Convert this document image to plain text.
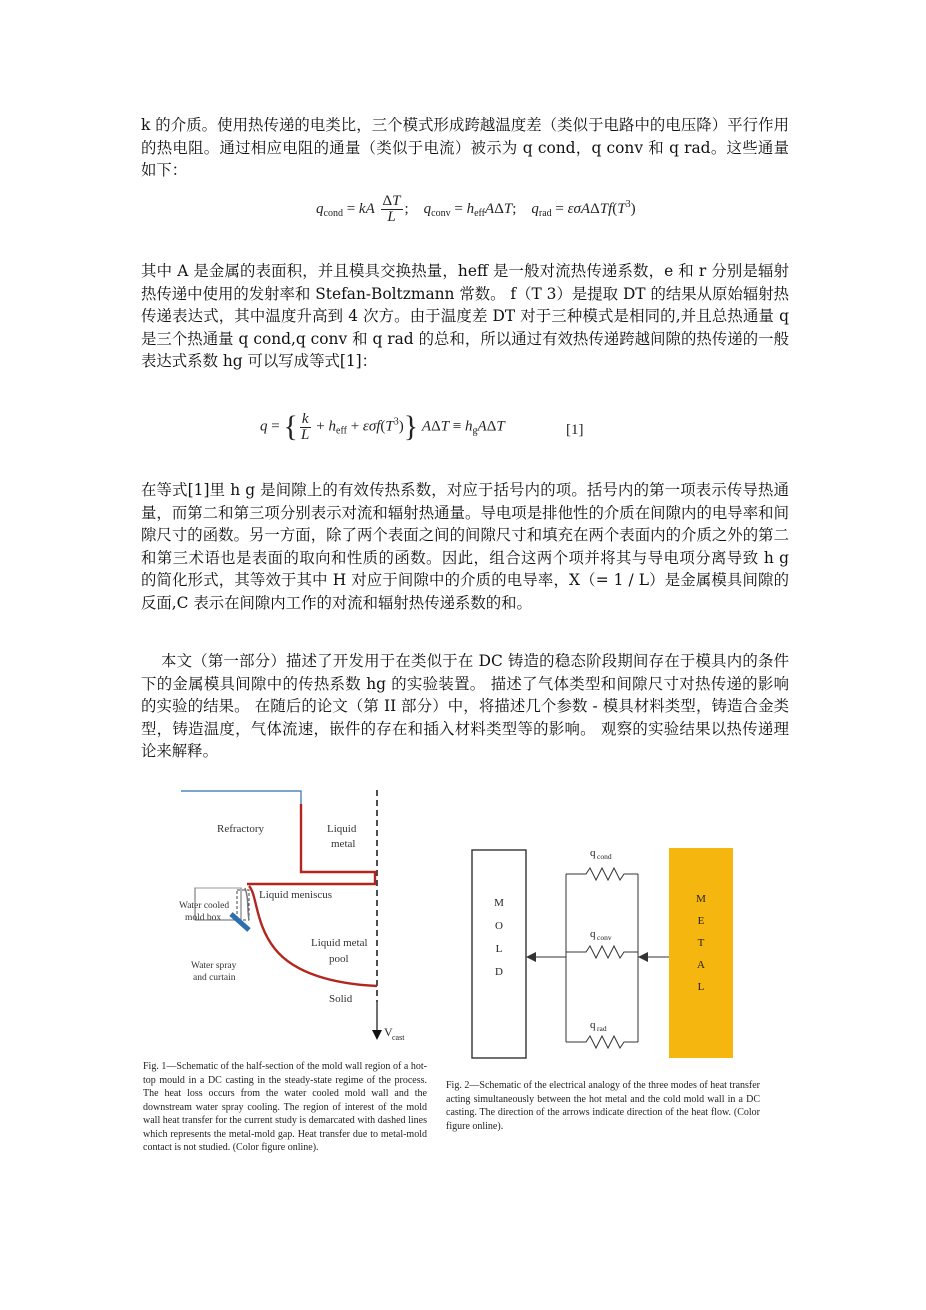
k 的介质。使用热传递的电类比，三个模式形成跨越温度差（类似于电路中的电压降）平行作用的热电阻。通过相应电阻的通量（类似于电流）被示为 q cond，q conv 和 q rad。这些通量如下：

$q_{cond}$ = kA $\frac{\Delta T}{L}$ ;    $q_{conv} = h_{eff}A\Delta T$;    $q_{rad} = \varepsilon\sigma A\Delta Tf(T^3)$

其中 A 是金属的表面积，并且模具交换热量，heff 是一般对流热传递系数，e 和 r 分别是辐射热传递中使用的发射率和 Stefan-Boltzmann 常数。 f（T 3）是提取 DT 的结果从原始辐射热传递表达式，其中温度升高到 4 次方。由于温度差 DT 对于三种模式是相同的,并且总热通量 q 是三个热通量 q cond,q conv 和 q rad 的总和，所以通过有效热传递跨越间隙的热传递的一般表达式系数 hg 可以写成等式[1]：

q = { $\frac{k}{L} + h_{eff} + \varepsilon\sigma f(T^3)$} $A\Delta T \equiv h_gA\Delta T$	[1]

在等式[1]里 h g 是间隙上的有效传热系数，对应于括号内的项。括号内的第一项表示传导热通量，而第二和第三项分别表示对流和辐射热通量。导电项是排他性的介质在间隙内的电导率和间隙尺寸的函数。另一方面，除了两个表面之间的间隙尺寸和填充在两个表面内的介质之外的第二和第三术语也是表面的取向和性质的函数。因此，组合这两个项并将其与导电项分离导致 h g 的简化形式，其等效于其中 H 对应于间隙中的介质的电导率，X（= 1 / L）是金属模具间隙的反面,C 表示在间隙内工作的对流和辐射热传递系数的和。

本文（第一部分）描述了开发用于在类似于在 DC 铸造的稳态阶段期间存在于模具内的条件下的金属模具间隙中的传热系数 hg 的实验装置。 描述了气体类型和间隙尺寸对热传递的影响的实验的结果。 在随后的论文（第 II 部分）中，将描述几个参数 - 模具材料类型，铸造合金类型，铸造温度，气体流速，嵌件的存在和插入材料类型等的影响。 观察的实验结果以热传递理论来解释。

Refractory	Liquid
metal
Liquid meniscus
Water cooled
mold box
Liquid metal
pool
Water spray
and curtain
Solid
V cast

Fig. 1—Schematic of the half-section of the mold wall region of a hot-top mould in a DC casting in the steady-state regime of the process. The heat loss occurs from the water cooled mold wall and the downstream water spray cooling. The region of interest of the mold wall heat transfer for the current study is demarcated with dashed lines which represents the metal-mold gap. Heat transfer due to metal-mold contact is not studied. (Color figure online).

M
O
L
D
M
E
T
A
L
q cond
q conv
q rad

Fig. 2—Schematic of the electrical analogy of the three modes of heat transfer acting simultaneously between the hot metal and the cold mold wall in a DC casting. The direction of the arrows indicate direction of the heat flow. (Color figure online).
